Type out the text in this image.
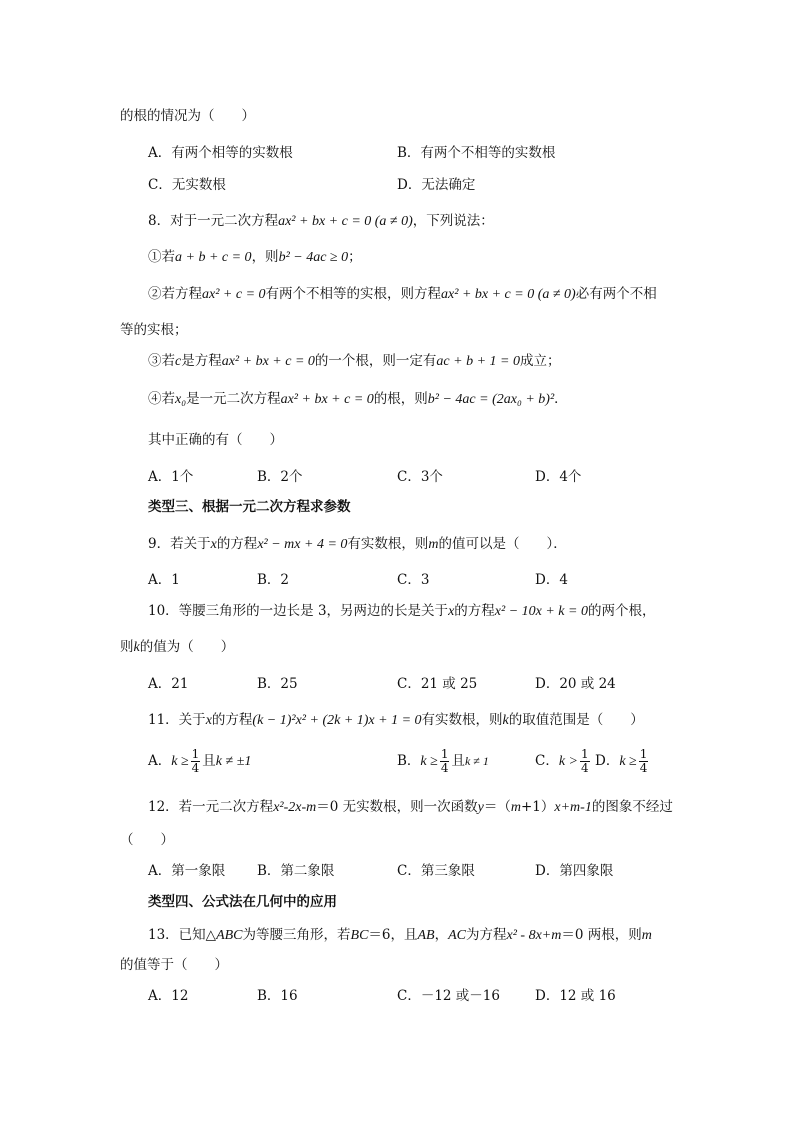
的根的情况为（　　）
A．有两个相等的实数根	B．有两个不相等的实数根
C．无实数根	D．无法确定
8．对于一元二次方程ax² + bx + c = 0 (a ≠ 0)，下列说法：
①若a + b + c = 0，则b² − 4ac ≥ 0；
②若方程ax² + c = 0有两个不相等的实根，则方程ax² + bx + c = 0 (a ≠ 0)必有两个不相
等的实根；
③若c是方程ax² + bx + c = 0的一个根，则一定有ac + b + 1 = 0成立；
④若x₀是一元二次方程ax² + bx + c = 0的根，则b² − 4ac = (2ax₀ + b)²．
其中正确的有（　　）
A．1个	B．2个	C．3个	D．4个
类型三、根据一元二次方程求参数
9．若关于x的方程x² − mx + 4 = 0有实数根，则m的值可以是（　　）．
A．1	B．2	C．3	D．4
10．等腰三角形的一边长是 3，另两边的长是关于x的方程x² − 10x + k = 0的两个根，
则k的值为（　　）
A．21	B．25	C．21 或 25	D．20 或 24
11．关于x的方程(k − 1)²x² + (2k + 1)x + 1 = 0有实数根，则k的取值范围是（　　）
A．$k \ge \frac{1}{4}$ 且k ≠ ±1	B．$k \ge \frac{1}{4}$ 且k ≠ 1	C．$k > \frac{1}{4}$ D．$k \ge \frac{1}{4}$
12．若一元二次方程x²-2x-m＝0 无实数根，则一次函数y＝（m+1）x+m-1的图象不经过
（　　）
A．第一象限 B．第二象限	C．第三象限	D．第四象限
类型四、公式法在几何中的应用
13．已知△ABC为等腰三角形，若BC＝6，且AB，AC为方程x² - 8x+m＝0 两根，则m
的值等于（　　）
A．12	B．16	C．－12 或－16	D．12 或 16
